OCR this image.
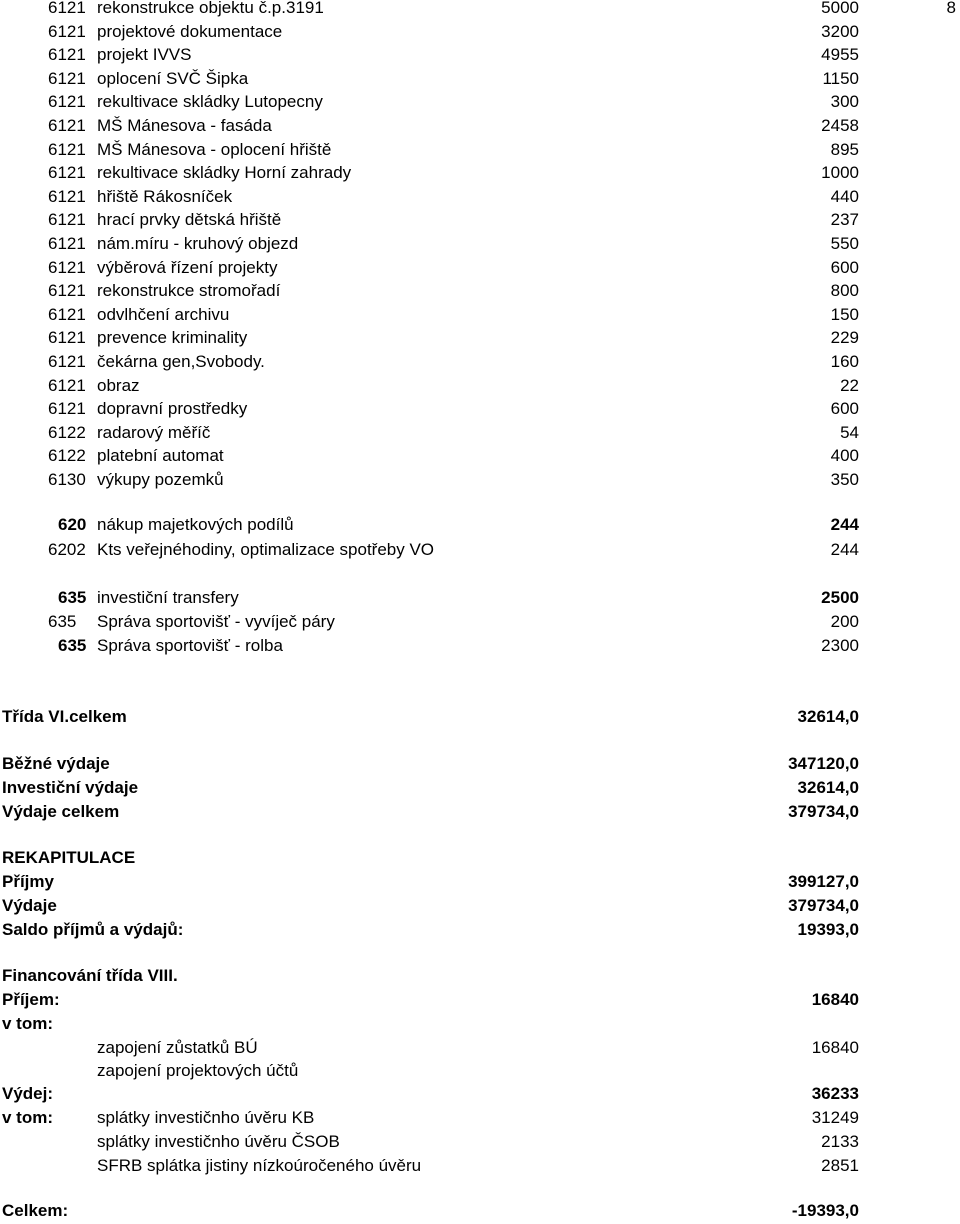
6121 rekonstrukce objektu č.p.3191	5000	8
6121 projektové dokumentace	3200
6121 projekt IVVS	4955
6121 oplocení SVČ Šipka	1150
6121 rekultivace skládky Lutopecny	300
6121 MŠ Mánesova - fasáda	2458
6121 MŠ Mánesova - oplocení hřiště	895
6121 rekultivace skládky Horní zahrady	1000
6121 hřiště Rákosníček	440
6121 hrací prvky dětská hřiště	237
6121 nám.míru - kruhový objezd	550
6121 výběrová řízení projekty	600
6121 rekonstrukce stromořadí	800
6121 odvlhčení archivu	150
6121 prevence kriminality	229
6121 čekárna gen,Svobody.	160
6121 obraz	22
6121 dopravní prostředky	600
6122 radarový měříč	54
6122 platební automat	400
6130 výkupy pozemků	350
620 nákup majetkových podílů	244
6202 Kts veřejnéhodiny, optimalizace spotřeby VO	244
635 investiční transfery	2500
635	Správa sportovišť - vyvíječ páry	200
635 Správa sportovišť - rolba	2300
Třída VI.celkem	32614,0
Běžné výdaje	347120,0
Investiční výdaje	32614,0
Výdaje celkem	379734,0
REKAPITULACE
Příjmy	399127,0
Výdaje	379734,0
Saldo příjmů a výdajů:	19393,0
Financování třída VIII.
Příjem:	16840
v tom:
zapojení zůstatků BÚ	16840
zapojení projektových účtů
Výdej:	36233
v tom:	splátky investičnho úvěru KB	31249
splátky investičnho úvěru ČSOB	2133
SFRB splátka jistiny nízkoúročeného úvěru	2851
Celkem:	-19393,0
